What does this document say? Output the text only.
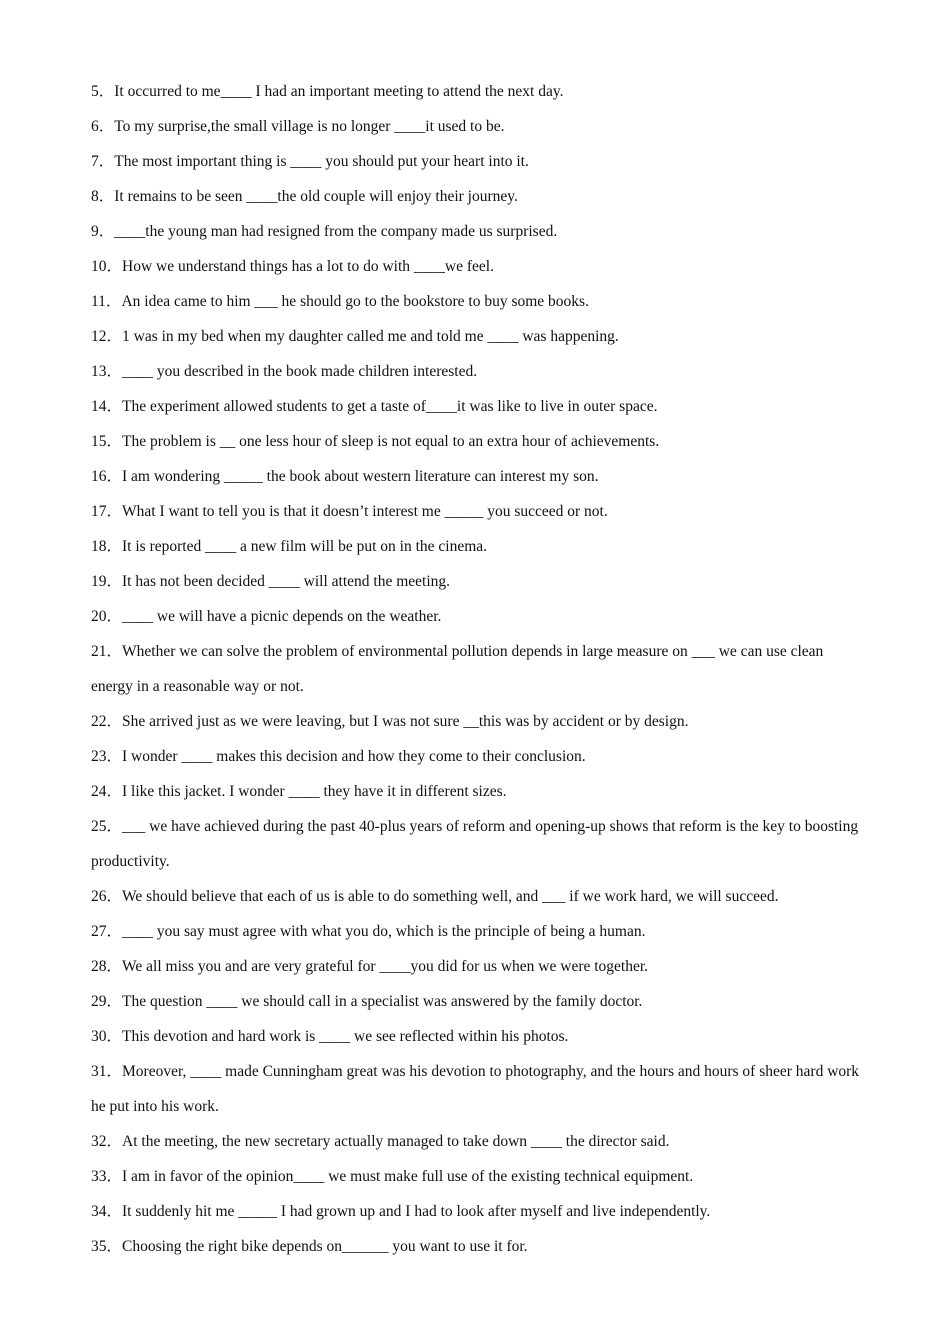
5．It occurred to me____ I had an important meeting to attend the next day.
6．To my surprise,the small village is no longer ____it used to be.
7．The most important thing is ____ you should put your heart into it.
8．It remains to be seen ____the old couple will enjoy their journey.
9．____the young man had resigned from the company made us surprised.
10．How we understand things has a lot to do with ____we feel.
11．An idea came to him ___ he should go to the bookstore to buy some books.
12．1 was in my bed when my daughter called me and told me ____ was happening.
13．____ you described in the book made children interested.
14．The experiment allowed students to get a taste of____it was like to live in outer space.
15．The problem is __ one less hour of sleep is not equal to an extra hour of achievements.
16．I am wondering _____ the book about western literature can interest my son.
17．What I want to tell you is that it doesn’t interest me _____ you succeed or not.
18．It is reported ____ a new film will be put on in the cinema.
19．It has not been decided ____ will attend the meeting.
20．____ we will have a picnic depends on the weather.
21．Whether we can solve the problem of environmental pollution depends in large measure on ___ we can use clean energy in a reasonable way or not.
22．She arrived just as we were leaving, but I was not sure __this was by accident or by design.
23．I wonder ____ makes this decision and how they come to their conclusion.
24．I like this jacket. I wonder ____ they have it in different sizes.
25．___ we have achieved during the past 40-plus years of reform and opening-up shows that reform is the key to boosting productivity.
26．We should believe that each of us is able to do something well, and ___ if we work hard, we will succeed.
27．____ you say must agree with what you do, which is the principle of being a human.
28．We all miss you and are very grateful for ____you did for us when we were together.
29．The question ____ we should call in a specialist was answered by the family doctor.
30．This devotion and hard work is ____ we see reflected within his photos.
31．Moreover, ____ made Cunningham great was his devotion to photography, and the hours and hours of sheer hard work he put into his work.
32．At the meeting, the new secretary actually managed to take down ____ the director said.
33．I am in favor of the opinion____ we must make full use of the existing technical equipment.
34．It suddenly hit me _____ I had grown up and I had to look after myself and live independently.
35．Choosing the right bike depends on______ you want to use it for.
